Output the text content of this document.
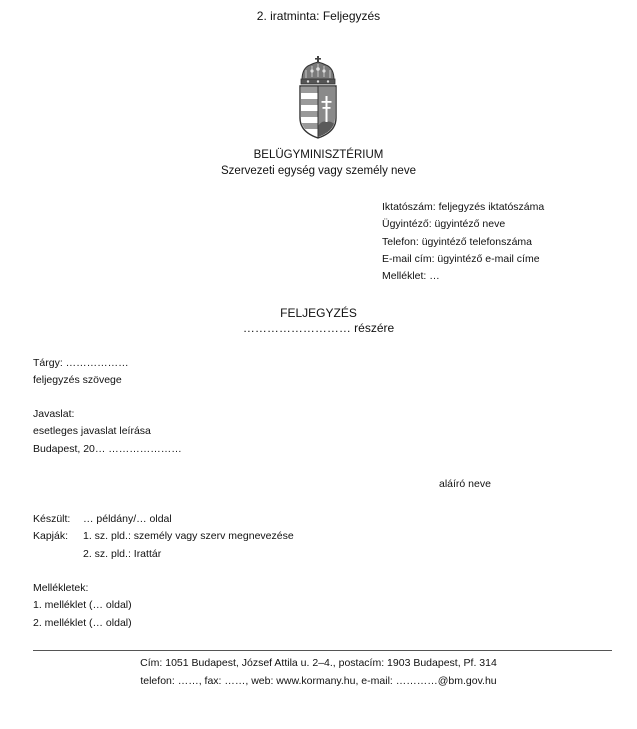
2. iratminta: Feljegyzés
BELÜGYMINISZTÉRIUM
Szervezeti egység vagy személy neve
Iktatószám: feljegyzés iktatószáma
Ügyintéző: ügyintéző neve
Telefon: ügyintéző telefonszáma
E-mail cím: ügyintéző e-mail címe
Melléklet: …
FELJEGYZÉS
……………………… részére
Tárgy: ………………
feljegyzés szövege
Javaslat:
esetleges javaslat leírása
Budapest, 20… …………………
aláíró neve
Készült:	… példány/… oldal
Kapják:	1. sz. pld.: személy vagy szerv megnevezése
2. sz. pld.: Irattár
Mellékletek:
1. melléklet (… oldal)
2. melléklet (… oldal)
Cím: 1051 Budapest, József Attila u. 2–4., postacím: 1903 Budapest, Pf. 314
telefon: ……, fax: ……, web: www.kormany.hu, e-mail: …………@bm.gov.hu
